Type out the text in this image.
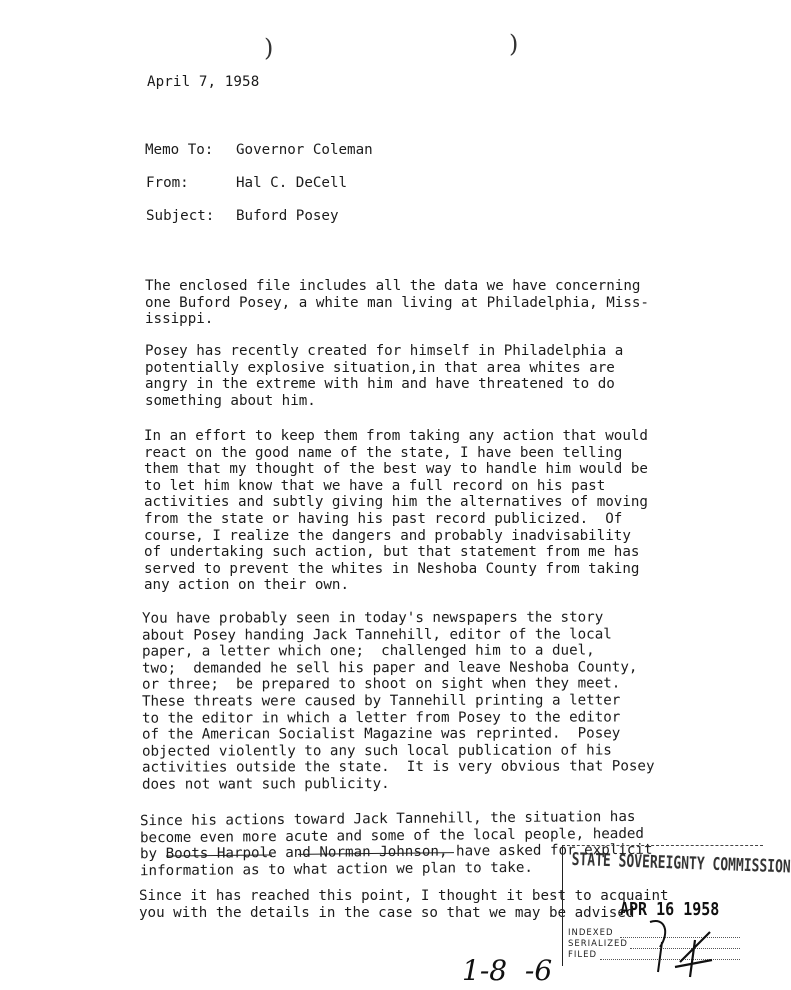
)	)
April 7, 1958
Memo To: Governor Coleman
From:	Hal C. DeCell
Subject: Buford Posey
The enclosed file includes all the data we have concerning
one Buford Posey, a white man living at Philadelphia, Miss-
issippi.
Posey has recently created for himself in Philadelphia a
potentially explosive situation,in that area whites are
angry in the extreme with him and have threatened to do
something about him.
In an effort to keep them from taking any action that would
react on the good name of the state, I have been telling
them that my thought of the best way to handle him would be
to let him know that we have a full record on his past
activities and subtly giving him the alternatives of moving
from the state or having his past record publicized.  Of
course, I realize the dangers and probably inadvisability
of undertaking such action, but that statement from me has
served to prevent the whites in Neshoba County from taking
any action on their own.
You have probably seen in today's newspapers the story
about Posey handing Jack Tannehill, editor of the local
paper, a letter which one;  challenged him to a duel,
two;  demanded he sell his paper and leave Neshoba County,
or three;  be prepared to shoot on sight when they meet.
These threats were caused by Tannehill printing a letter
to the editor in which a letter from Posey to the editor
of the American Socialist Magazine was reprinted.  Posey
objected violently to any such local publication of his
activities outside the state.  It is very obvious that Posey
does not want such publicity.
Since his actions toward Jack Tannehill, the situation has
become even more acute and some of the local people, headed
by Boots Harpole and Norman Johnson, have asked for explicit
information as to what action we plan to take.
Since it has reached this point, I thought it best to acquaint
you with the details in the case so that we may be advised
STATE SOVEREIGNTY COMMISSION
APR 16 1958
INDEXED
SERIALIZED
FILED
1-8  -6
